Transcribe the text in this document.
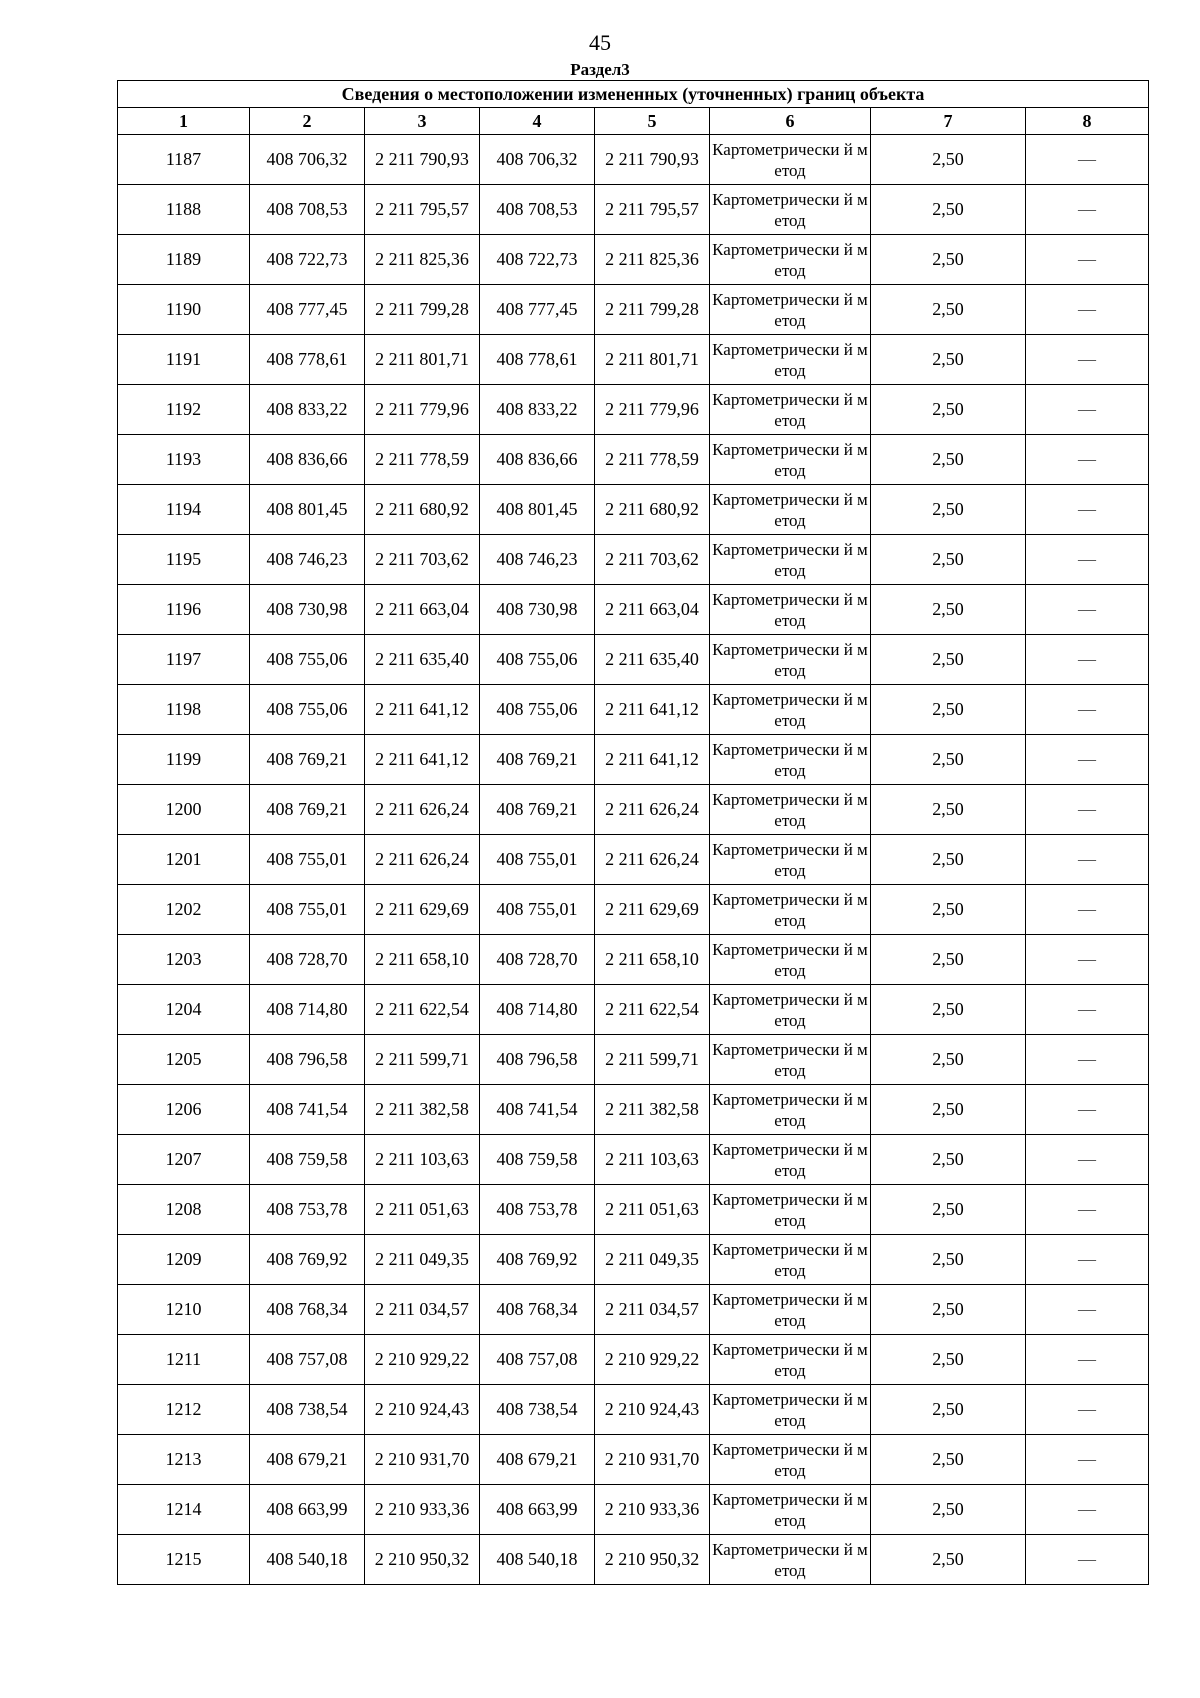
45
Раздел3
Сведения о местоположении измененных (уточненных) границ объекта							
1	2	3	4	5	6	7	8
1187	408 706,32	2 211 790,93	408 706,32	2 211 790,93	Картометрически й метод	2,50	—
1188	408 708,53	2 211 795,57	408 708,53	2 211 795,57	Картометрически й метод	2,50	—
1189	408 722,73	2 211 825,36	408 722,73	2 211 825,36	Картометрически й метод	2,50	—
1190	408 777,45	2 211 799,28	408 777,45	2 211 799,28	Картометрически й метод	2,50	—
1191	408 778,61	2 211 801,71	408 778,61	2 211 801,71	Картометрически й метод	2,50	—
1192	408 833,22	2 211 779,96	408 833,22	2 211 779,96	Картометрически й метод	2,50	—
1193	408 836,66	2 211 778,59	408 836,66	2 211 778,59	Картометрически й метод	2,50	—
1194	408 801,45	2 211 680,92	408 801,45	2 211 680,92	Картометрически й метод	2,50	—
1195	408 746,23	2 211 703,62	408 746,23	2 211 703,62	Картометрически й метод	2,50	—
1196	408 730,98	2 211 663,04	408 730,98	2 211 663,04	Картометрически й метод	2,50	—
1197	408 755,06	2 211 635,40	408 755,06	2 211 635,40	Картометрически й метод	2,50	—
1198	408 755,06	2 211 641,12	408 755,06	2 211 641,12	Картометрически й метод	2,50	—
1199	408 769,21	2 211 641,12	408 769,21	2 211 641,12	Картометрически й метод	2,50	—
1200	408 769,21	2 211 626,24	408 769,21	2 211 626,24	Картометрически й метод	2,50	—
1201	408 755,01	2 211 626,24	408 755,01	2 211 626,24	Картометрически й метод	2,50	—
1202	408 755,01	2 211 629,69	408 755,01	2 211 629,69	Картометрически й метод	2,50	—
1203	408 728,70	2 211 658,10	408 728,70	2 211 658,10	Картометрически й метод	2,50	—
1204	408 714,80	2 211 622,54	408 714,80	2 211 622,54	Картометрически й метод	2,50	—
1205	408 796,58	2 211 599,71	408 796,58	2 211 599,71	Картометрически й метод	2,50	—
1206	408 741,54	2 211 382,58	408 741,54	2 211 382,58	Картометрически й метод	2,50	—
1207	408 759,58	2 211 103,63	408 759,58	2 211 103,63	Картометрически й метод	2,50	—
1208	408 753,78	2 211 051,63	408 753,78	2 211 051,63	Картометрически й метод	2,50	—
1209	408 769,92	2 211 049,35	408 769,92	2 211 049,35	Картометрически й метод	2,50	—
1210	408 768,34	2 211 034,57	408 768,34	2 211 034,57	Картометрически й метод	2,50	—
1211	408 757,08	2 210 929,22	408 757,08	2 210 929,22	Картометрически й метод	2,50	—
1212	408 738,54	2 210 924,43	408 738,54	2 210 924,43	Картометрически й метод	2,50	—
1213	408 679,21	2 210 931,70	408 679,21	2 210 931,70	Картометрически й метод	2,50	—
1214	408 663,99	2 210 933,36	408 663,99	2 210 933,36	Картометрически й метод	2,50	—
1215	408 540,18	2 210 950,32	408 540,18	2 210 950,32	Картометрически й метод	2,50	—
